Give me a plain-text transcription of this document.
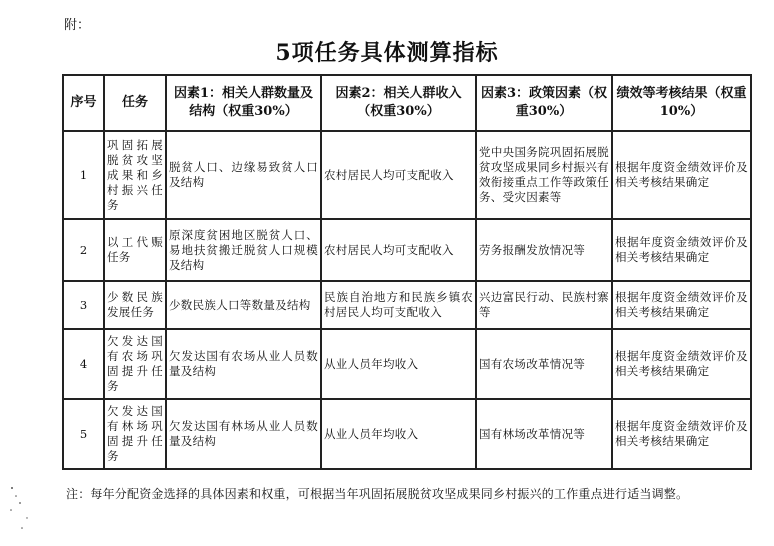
附：
5项任务具体测算指标
序号	任务	因素1：相关人群数量及结构（权重30%）	因素2：相关人群收入（权重30%）	因素3：政策因素（权重30%）	绩效等考核结果（权重10%）
1	巩固拓展脱贫攻坚成果和乡村振兴任务	脱贫人口、边缘易致贫人口及结构	农村居民人均可支配收入	党中央国务院巩固拓展脱贫攻坚成果同乡村振兴有效衔接重点工作等政策任务、受灾因素等	根据年度资金绩效评价及相关考核结果确定
2	以工代赈任务	原深度贫困地区脱贫人口、易地扶贫搬迁脱贫人口规模及结构	农村居民人均可支配收入	劳务报酬发放情况等	根据年度资金绩效评价及相关考核结果确定
3	少数民族发展任务	少数民族人口等数量及结构	民族自治地方和民族乡镇农村居民人均可支配收入	兴边富民行动、民族村寨等	根据年度资金绩效评价及相关考核结果确定
4	欠发达国有农场巩固提升任务	欠发达国有农场从业人员数量及结构	从业人员年均收入	国有农场改革情况等	根据年度资金绩效评价及相关考核结果确定
5	欠发达国有林场巩固提升任务	欠发达国有林场从业人员数量及结构	从业人员年均收入	国有林场改革情况等	根据年度资金绩效评价及相关考核结果确定
注：每年分配资金选择的具体因素和权重，可根据当年巩固拓展脱贫攻坚成果同乡村振兴的工作重点进行适当调整。
